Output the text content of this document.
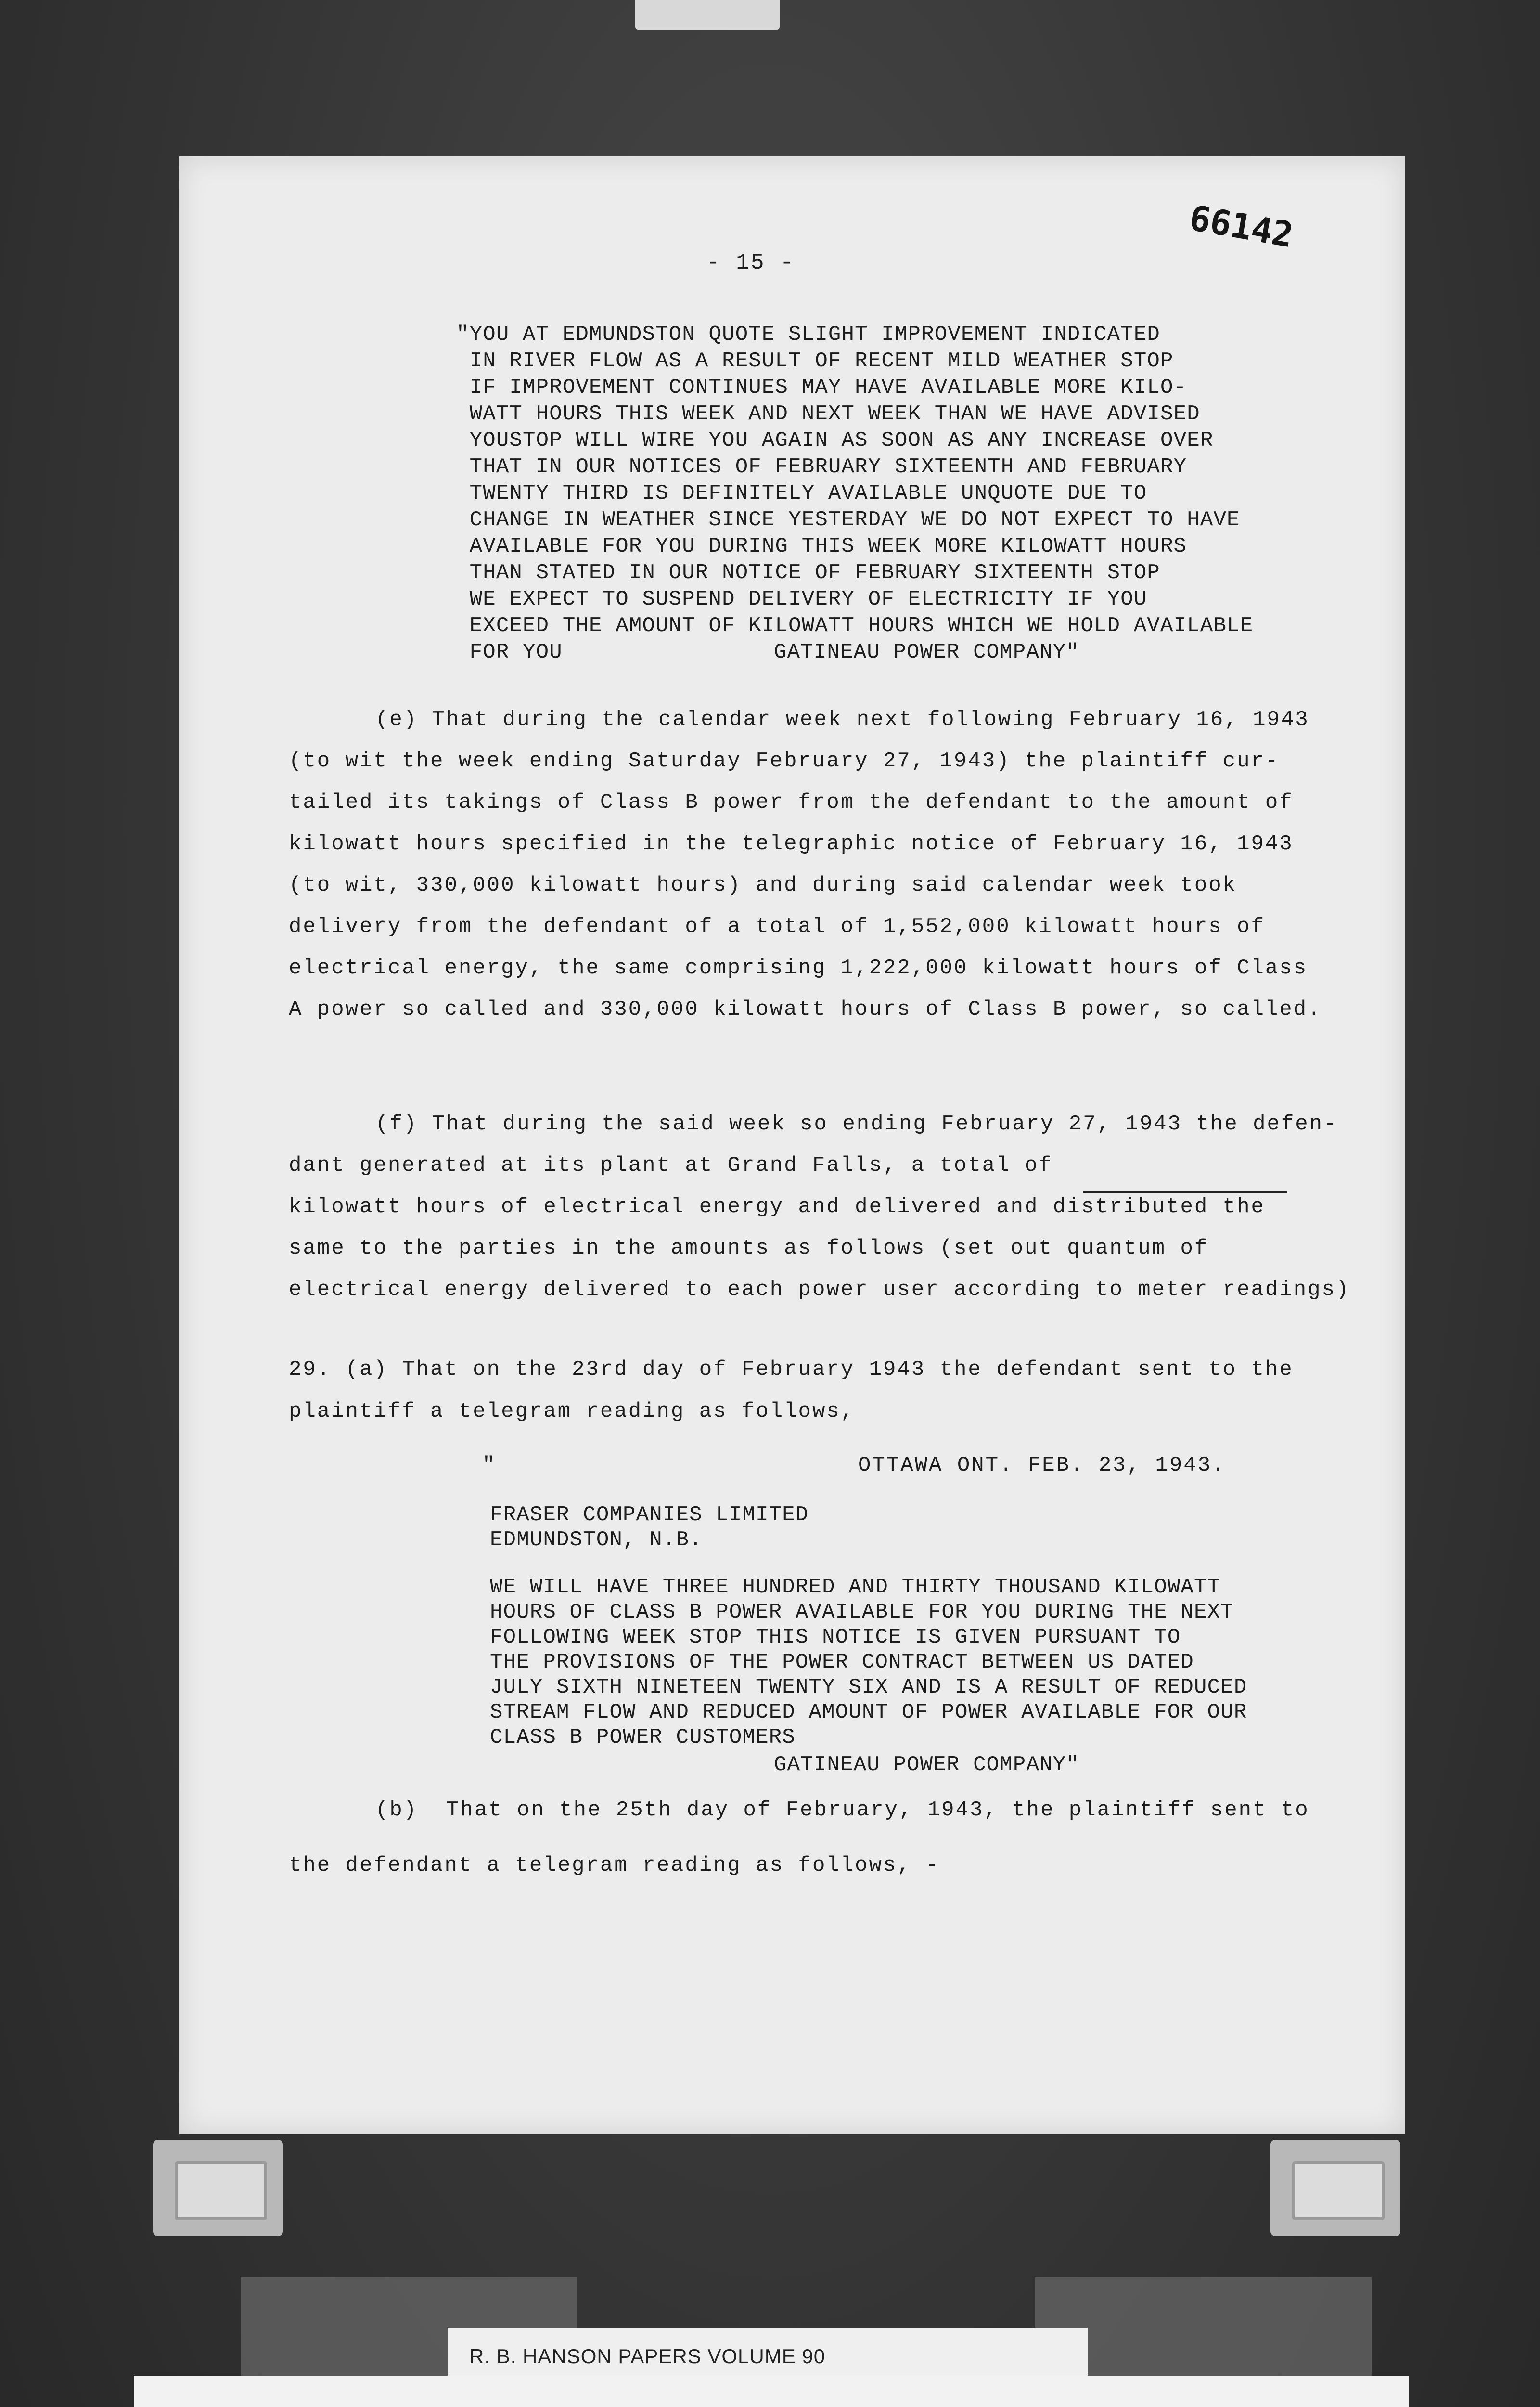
66142
- 15 -
"YOU AT EDMUNDSTON QUOTE SLIGHT IMPROVEMENT INDICATED
IN RIVER FLOW AS A RESULT OF RECENT MILD WEATHER STOP
IF IMPROVEMENT CONTINUES MAY HAVE AVAILABLE MORE KILO-
WATT HOURS THIS WEEK AND NEXT WEEK THAN WE HAVE ADVISED
YOUSTOP WILL WIRE YOU AGAIN AS SOON AS ANY INCREASE OVER
THAT IN OUR NOTICES OF FEBRUARY SIXTEENTH AND FEBRUARY
TWENTY THIRD IS DEFINITELY AVAILABLE UNQUOTE DUE TO
CHANGE IN WEATHER SINCE YESTERDAY WE DO NOT EXPECT TO HAVE
AVAILABLE FOR YOU DURING THIS WEEK MORE KILOWATT HOURS
THAN STATED IN OUR NOTICE OF FEBRUARY SIXTEENTH STOP
WE EXPECT TO SUSPEND DELIVERY OF ELECTRICITY IF YOU
EXCEED THE AMOUNT OF KILOWATT HOURS WHICH WE HOLD AVAILABLE
FOR YOU	GATINEAU POWER COMPANY"
(e) That during the calendar week next following February 16, 1943
(to wit the week ending Saturday February 27, 1943) the plaintiff cur-
tailed its takings of Class B power from the defendant to the amount of
kilowatt hours specified in the telegraphic notice of February 16, 1943
(to wit, 330,000 kilowatt hours) and during said calendar week took
delivery from the defendant of a total of 1,552,000 kilowatt hours of
electrical energy, the same comprising 1,222,000 kilowatt hours of Class
A power so called and 330,000 kilowatt hours of Class B power, so called.
(f) That during the said week so ending February 27, 1943 the defen-
dant generated at its plant at Grand Falls, a total of
kilowatt hours of electrical energy and delivered and distributed the
same to the parties in the amounts as follows (set out quantum of
electrical energy delivered to each power user according to meter readings)
29. (a) That on the 23rd day of February 1943 the defendant sent to the
plaintiff a telegram reading as follows,
"	OTTAWA ONT. FEB. 23, 1943.
FRASER COMPANIES LIMITED
EDMUNDSTON, N.B.
WE WILL HAVE THREE HUNDRED AND THIRTY THOUSAND KILOWATT
HOURS OF CLASS B POWER AVAILABLE FOR YOU DURING THE NEXT
FOLLOWING WEEK STOP THIS NOTICE IS GIVEN PURSUANT TO
THE PROVISIONS OF THE POWER CONTRACT BETWEEN US DATED
JULY SIXTH NINETEEN TWENTY SIX AND IS A RESULT OF REDUCED
STREAM FLOW AND REDUCED AMOUNT OF POWER AVAILABLE FOR OUR
CLASS B POWER CUSTOMERS
GATINEAU POWER COMPANY"
(b)  That on the 25th day of February, 1943, the plaintiff sent to
the defendant a telegram reading as follows, -
R. B. HANSON PAPERS VOLUME 90
